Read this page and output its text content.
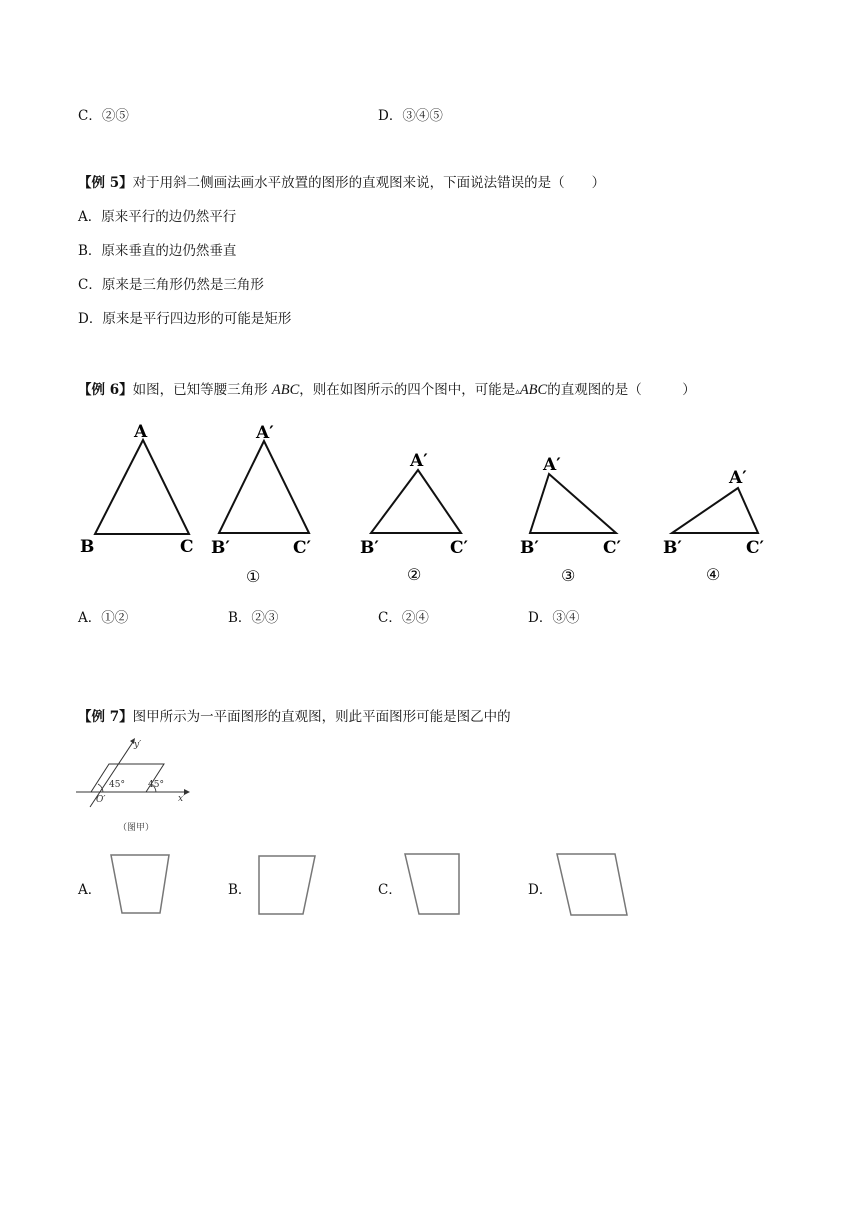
C．②⑤	D．③④⑤
【例 5】对于用斜二侧画法画水平放置的图形的直观图来说，下面说法错误的是（　　）
A．原来平行的边仍然平行
B．原来垂直的边仍然垂直
C．原来是三角形仍然是三角形
D．原来是平行四边形的可能是矩形
【例 6】如图，已知等腰三角形 ABC，则在如图所示的四个图中，可能是▵ABC的直观图的是（　　　）
A
B	C
A′
B′	C′
①
A′
B′	C′
②
A′
B′	C′
③
A′
B′	C′
④
A．①②	B．②③	C．②④	D．③④
【例 7】图甲所示为一平面图形的直观图，则此平面图形可能是图乙中的
x′
y′
45°	45°
O′
（图甲）
A．	B．	C．	D．
